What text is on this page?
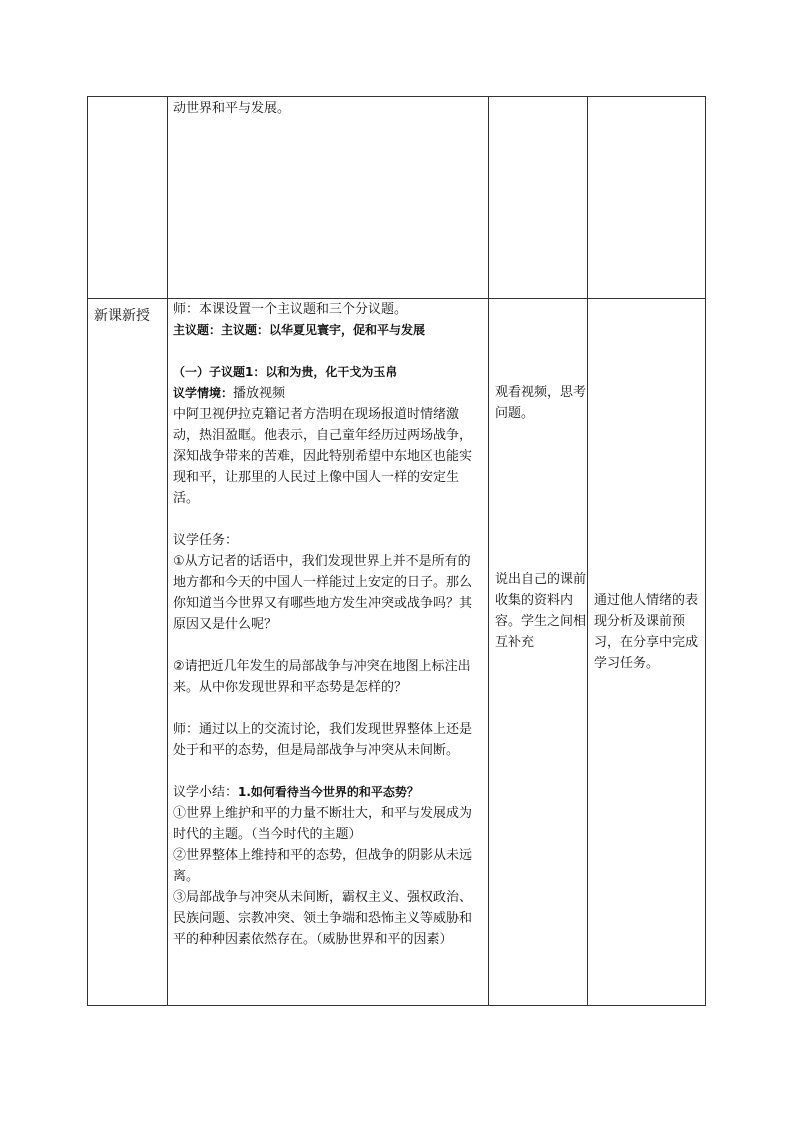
动世界和平与发展。

新课新授	师：本课设置一个主议题和三个分议题。

主议题：主议题：以华夏见寰宇，促和平与发展

（一）子议题1：以和为贵，化干戈为玉帛

议学情境：播放视频

中阿卫视伊拉克籍记者方浩明在现场报道时情绪激动，热泪盈眶。他表示，自己童年经历过两场战争，深知战争带来的苦难，因此特别希望中东地区也能实现和平，让那里的人民过上像中国人一样的安定生活。

议学任务：

①从方记者的话语中，我们发现世界上并不是所有的地方都和今天的中国人一样能过上安定的日子。那么你知道当今世界又有哪些地方发生冲突或战争吗？其原因又是什么呢？

②请把近几年发生的局部战争与冲突在地图上标注出来。从中你发现世界和平态势是怎样的？

师：通过以上的交流讨论，我们发现世界整体上还是处于和平的态势，但是局部战争与冲突从未间断。

议学小结：1.如何看待当今世界的和平态势？

①世界上维护和平的力量不断壮大，和平与发展成为时代的主题。（当今时代的主题）

②世界整体上维持和平的态势，但战争的阴影从未远离。

③局部战争与冲突从未间断，霸权主义、强权政治、民族问题、宗教冲突、领土争端和恐怖主义等威胁和平的种种因素依然存在。（威胁世界和平的因素）

观看视频，思考问题。

说出自己的课前收集的资料内容。学生之间相互补充

通过他人情绪的表现分析及课前预习，在分享中完成学习任务。
